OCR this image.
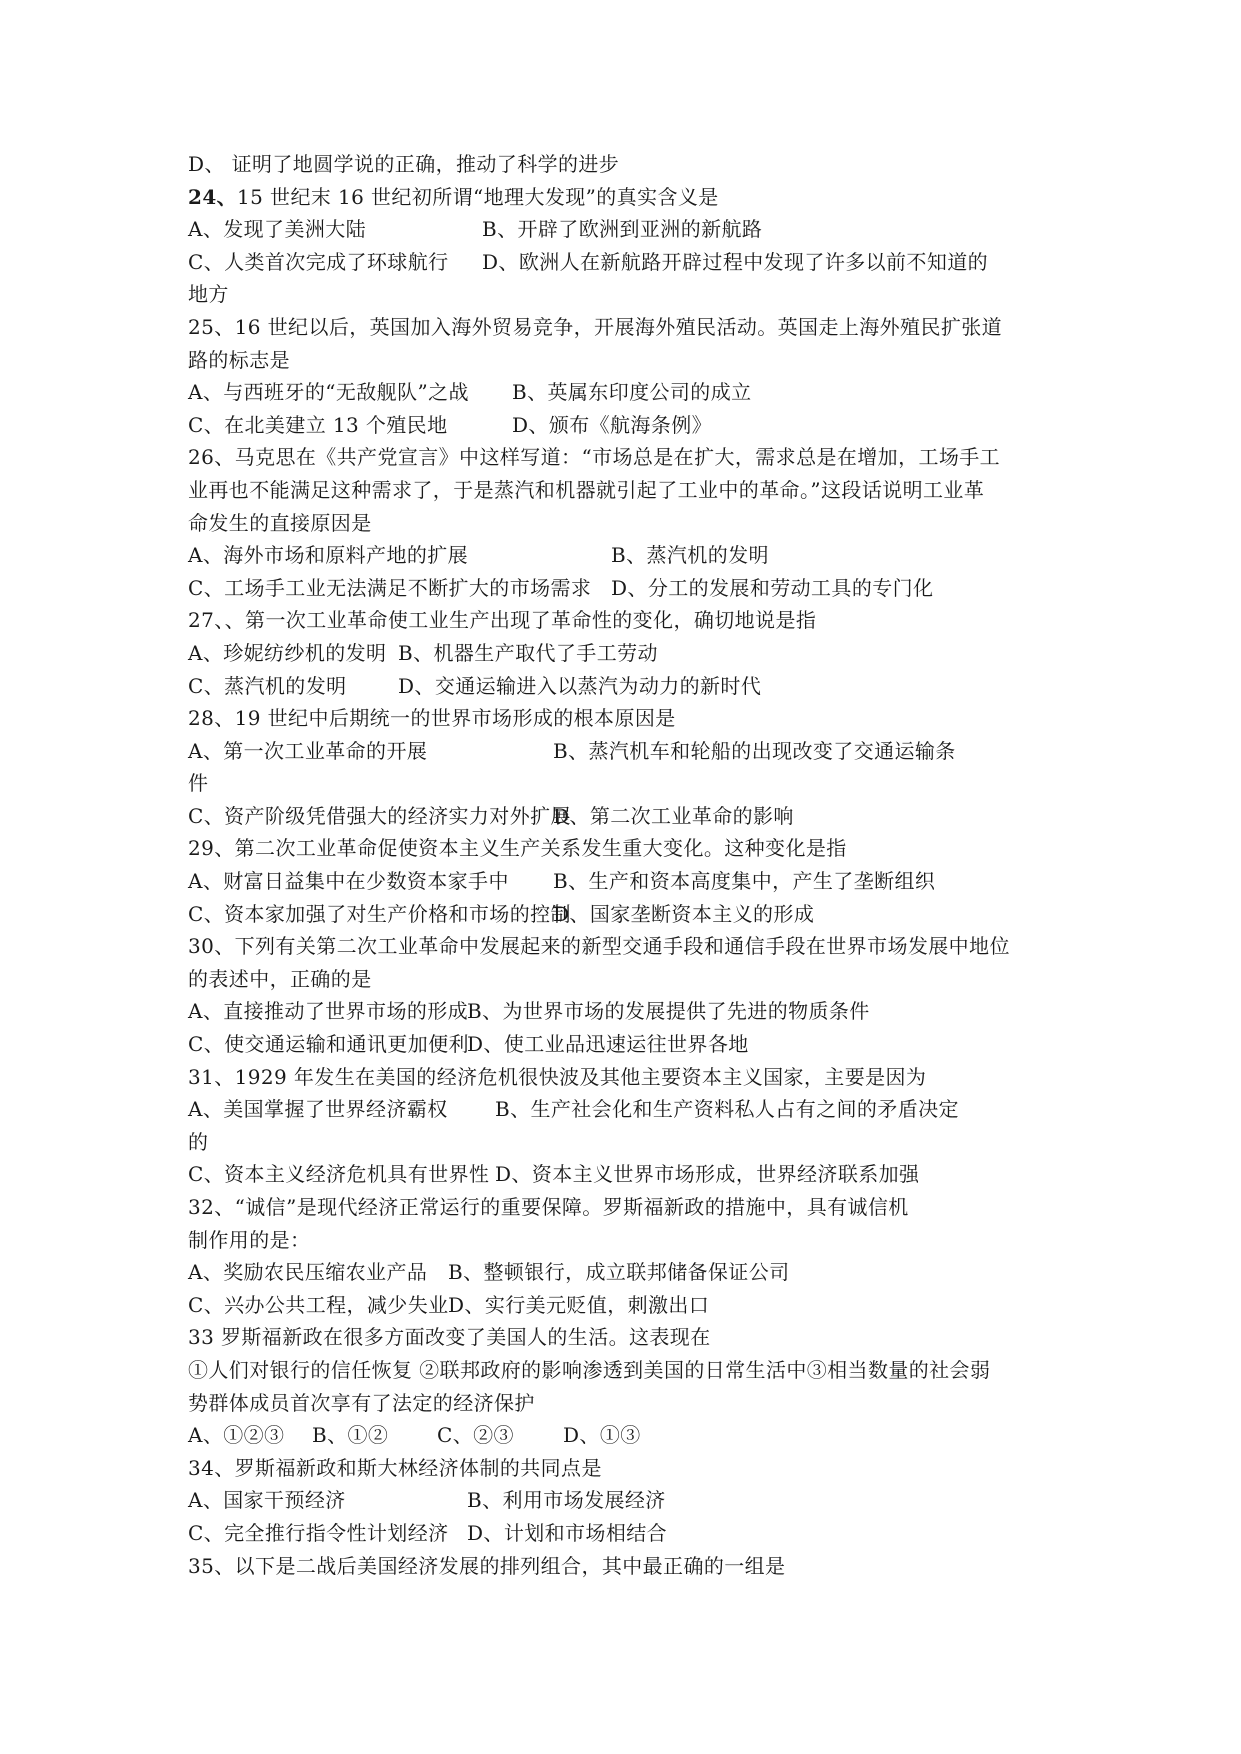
D、 证明了地圆学说的正确，推动了科学的进步
24、15 世纪末 16 世纪初所谓“地理大发现”的真实含义是
A、发现了美洲大陆	B、开辟了欧洲到亚洲的新航路
C、人类首次完成了环球航行 D、欧洲人在新航路开辟过程中发现了许多以前不知道的
地方
25、16 世纪以后，英国加入海外贸易竞争，开展海外殖民活动。英国走上海外殖民扩张道
路的标志是
A、与西班牙的“无敌舰队”之战 B、英属东印度公司的成立
C、在北美建立 13 个殖民地	D、颁布《航海条例》
26、马克思在《共产党宣言》中这样写道：“市场总是在扩大，需求总是在增加，工场手工
业再也不能满足这种需求了，于是蒸汽和机器就引起了工业中的革命。”这段话说明工业革
命发生的直接原因是
A、海外市场和原料产地的扩展	B、蒸汽机的发明
C、工场手工业无法满足不断扩大的市场需求 D、分工的发展和劳动工具的专门化
27、、第一次工业革命使工业生产出现了革命性的变化，确切地说是指
A、珍妮纺纱机的发明 B、机器生产取代了手工劳动
C、蒸汽机的发明	D、交通运输进入以蒸汽为动力的新时代
28、19 世纪中后期统一的世界市场形成的根本原因是
A、第一次工业革命的开展	B、蒸汽机车和轮船的出现改变了交通运输条
件
C、资产阶级凭借强大的经济实力对外扩展
D、第二次工业革命的影响
29、第二次工业革命促使资本主义生产关系发生重大变化。这种变化是指
A、财富日益集中在少数资本家手中 B、生产和资本高度集中，产生了垄断组织
C、资本家加强了对生产价格和市场的控制
D、国家垄断资本主义的形成
30、下列有关第二次工业革命中发展起来的新型交通手段和通信手段在世界市场发展中地位
的表述中，正确的是
A、直接推动了世界市场的形成
B、为世界市场的发展提供了先进的物质条件
C、使交通运输和通讯更加便利
D、使工业品迅速运往世界各地
31、1929 年发生在美国的经济危机很快波及其他主要资本主义国家，主要是因为
A、美国掌握了世界经济霸权 B、生产社会化和生产资料私人占有之间的矛盾决定
的
C、资本主义经济危机具有世界性 D、资本主义世界市场形成，世界经济联系加强
32、“诚信”是现代经济正常运行的重要保障。罗斯福新政的措施中，具有诚信机
制作用的是：
A、奖励农民压缩农业产品 B、整顿银行，成立联邦储备保证公司
C、兴办公共工程，减少失业 D、实行美元贬值，刺激出口
33 罗斯福新政在很多方面改变了美国人的生活。这表现在
①人们对银行的信任恢复 ②联邦政府的影响渗透到美国的日常生活中③相当数量的社会弱
势群体成员首次享有了法定的经济保护
A、①②③ B、①② C、②③ D、①③
34、罗斯福新政和斯大林经济体制的共同点是
A、国家干预经济	B、利用市场发展经济
C、完全推行指令性计划经济 D、计划和市场相结合
35、以下是二战后美国经济发展的排列组合，其中最正确的一组是
